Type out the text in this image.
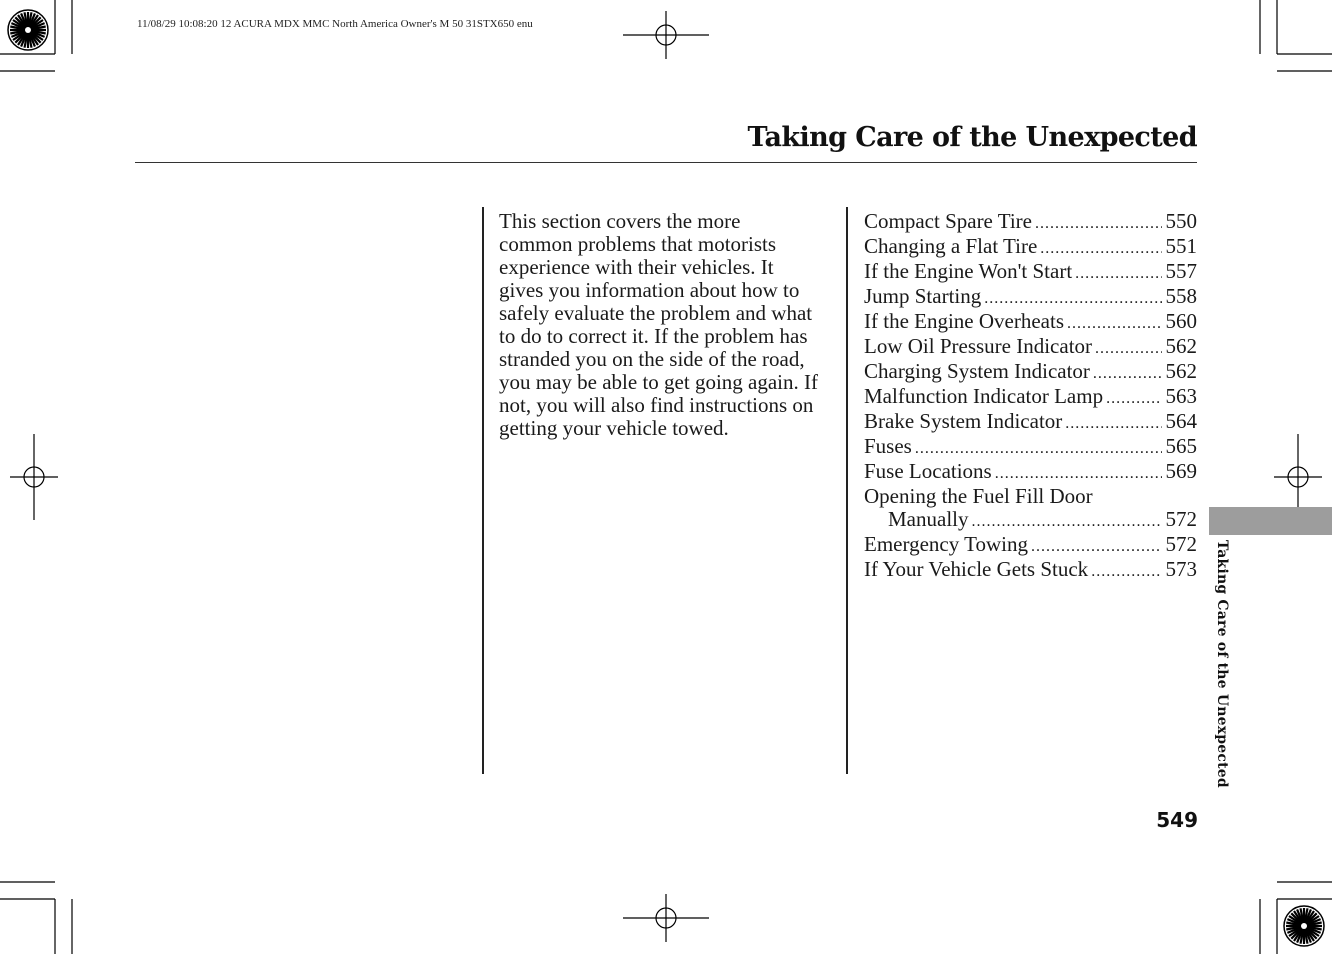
11/08/29 10:08:20 12 ACURA MDX MMC North America Owner's M 50 31STX650 enu
Taking Care of the Unexpected

This section covers the more
common problems that motorists
experience with their vehicles. It
gives you information about how to
safely evaluate the problem and what
to do to correct it. If the problem has
stranded you on the side of the road,
you may be able to get going again. If
not, you will also find instructions on
getting your vehicle towed.

Compact Spare Tire .....	550
Changing a Flat Tire .....	551
If the Engine Won't Start .....	557
Jump Starting .....	558
If the Engine Overheats .....	560
Low Oil Pressure Indicator .....	562
Charging System Indicator .....	562
Malfunction Indicator Lamp .....	563
Brake System Indicator .....	564
Fuses .....	565
Fuse Locations .....	569
Opening the Fuel Fill Door
Manually .....	572
Emergency Towing .....	572
If Your Vehicle Gets Stuck .....	573 Taking Care of the Unexpected
549
